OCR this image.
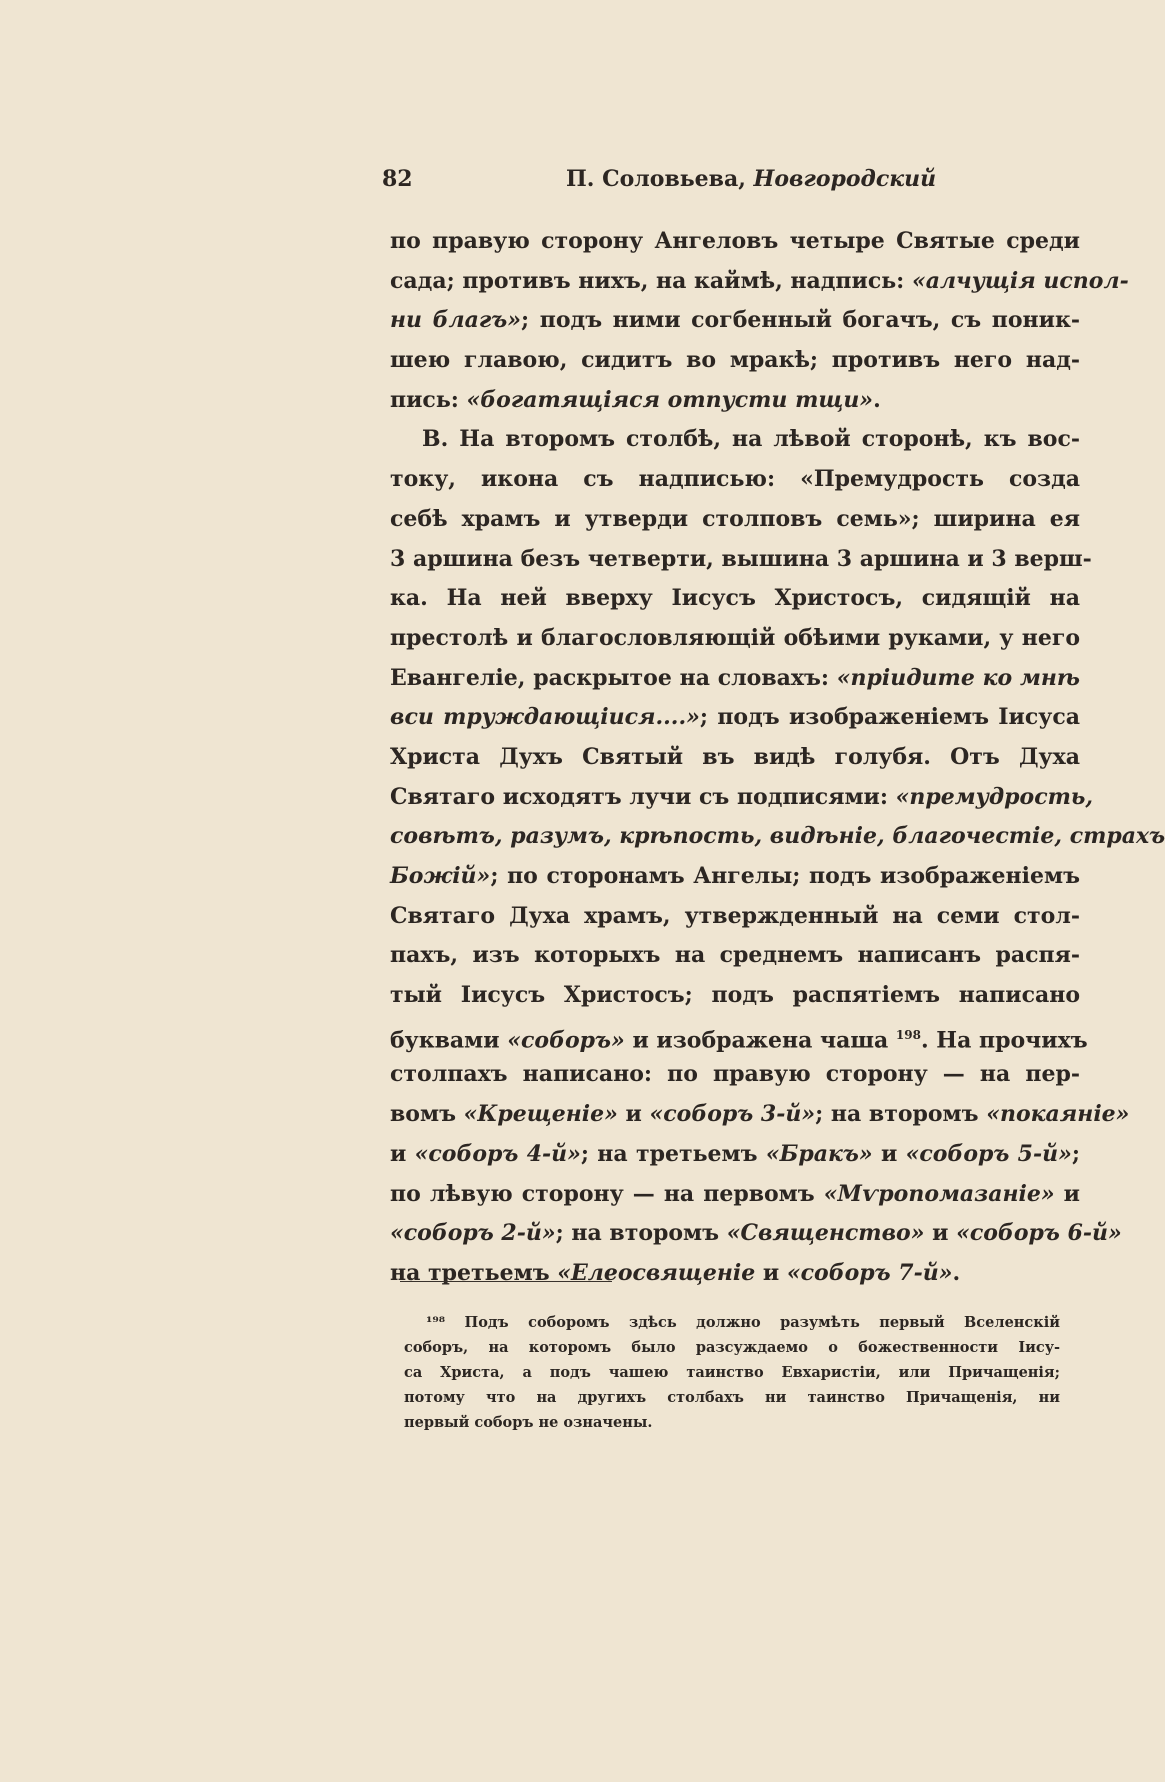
82	П. Соловьева, Новгородский
по правую сторону Ангеловъ четыре Святые среди
сада; противъ нихъ, на каймѣ, надпись: «алчущія испол-
ни благъ»; подъ ними согбенный богачъ, съ поник-
шею главою, сидитъ во мракѣ; противъ него над-
пись: «богатящіяся отпусти тщи».
В. На второмъ столбѣ, на лѣвой сторонѣ, къ вос-
току, икона съ надписью: «Премудрость созда
себѣ храмъ и утверди столповъ семь»; ширина ея
3 аршина безъ четверти, вышина 3 аршина и 3 верш-
ка. На ней вверху Іисусъ Христосъ, сидящій на
престолѣ и благословляющій обѣими руками, у него
Евангеліе, раскрытое на словахъ: «пріидите ко мнѣ
вси труждающіися....»; подъ изображеніемъ Іисуса
Христа Духъ Святый въ видѣ голубя. Отъ Духа
Святаго исходятъ лучи съ подписями: «премудрость,
совѣтъ, разумъ, крѣпость, видѣніе, благочестіе, страхъ
Божій»; по сторонамъ Ангелы; подъ изображеніемъ
Святаго Духа храмъ, утвержденный на семи стол-
пахъ, изъ которыхъ на среднемъ написанъ распя-
тый Іисусъ Христосъ; подъ распятіемъ написано
буквами «соборъ» и изображена чаша $^{198}$. На прочихъ
столпахъ написано: по правую сторону — на пер-
вомъ «Крещеніе» и «соборъ 3-й»; на второмъ «покаяніе»
и «соборъ 4-й»; на третьемъ «Бракъ» и «соборъ 5-й»;
по лѣвую сторону — на первомъ «Мѵропомазаніе» и
«соборъ 2-й»; на второмъ «Священство» и «соборъ 6-й»
на третьемъ «Елеосвященіе и «соборъ 7-й».
¹⁹⁸ Подъ соборомъ здѣсь должно разумѣть первый Вселенскій
соборъ, на которомъ было разсуждаемо о божественности Іису-
са Христа, а подъ чашею таинство Евхаристіи, или Причащенія;
потому что на другихъ столбахъ ни таинство Причащенія, ни
первый соборъ не означены.
